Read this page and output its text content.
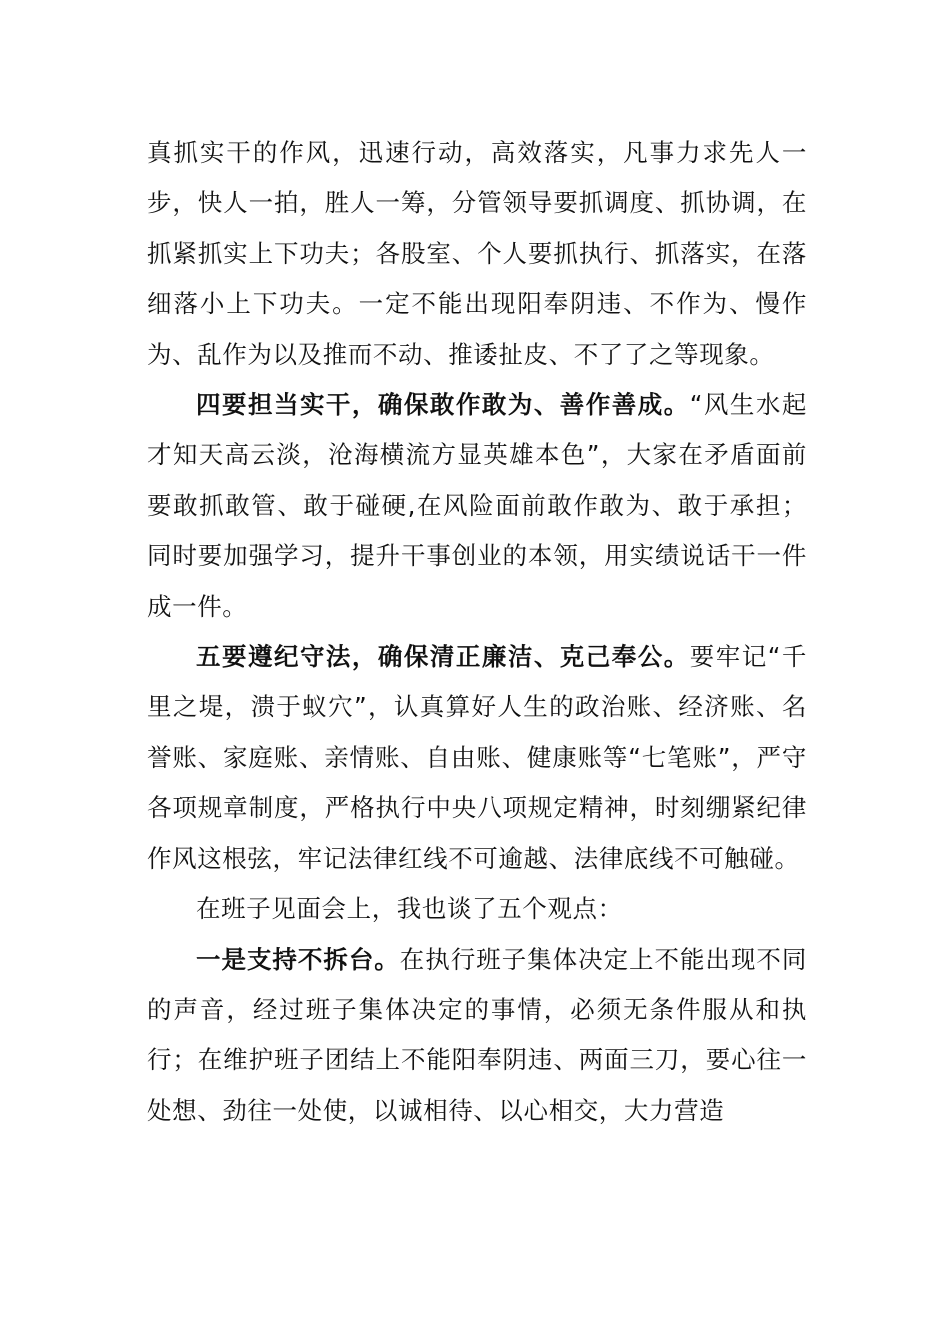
真抓实干的作风，迅速行动，高效落实，凡事力求先人一步，快人一拍，胜人一筹，分管领导要抓调度、抓协调，在抓紧抓实上下功夫；各股室、个人要抓执行、抓落实，在落细落小上下功夫。一定不能出现阳奉阴违、不作为、慢作为、乱作为以及推而不动、推诿扯皮、不了了之等现象。

四要担当实干，确保敢作敢为、善作善成。“风生水起才知天高云淡，沧海横流方显英雄本色”，大家在矛盾面前要敢抓敢管、敢于碰硬,在风险面前敢作敢为、敢于承担；同时要加强学习，提升干事创业的本领，用实绩说话干一件成一件。

五要遵纪守法，确保清正廉洁、克己奉公。要牢记“千里之堤，溃于蚁穴”，认真算好人生的政治账、经济账、名誉账、家庭账、亲情账、自由账、健康账等“七笔账”，严守各项规章制度，严格执行中央八项规定精神，时刻绷紧纪律作风这根弦，牢记法律红线不可逾越、法律底线不可触碰。

在班子见面会上，我也谈了五个观点：

一是支持不拆台。在执行班子集体决定上不能出现不同的声音，经过班子集体决定的事情，必须无条件服从和执行；在维护班子团结上不能阳奉阴违、两面三刀，要心往一处想、劲往一处使，以诚相待、以心相交，大力营造
